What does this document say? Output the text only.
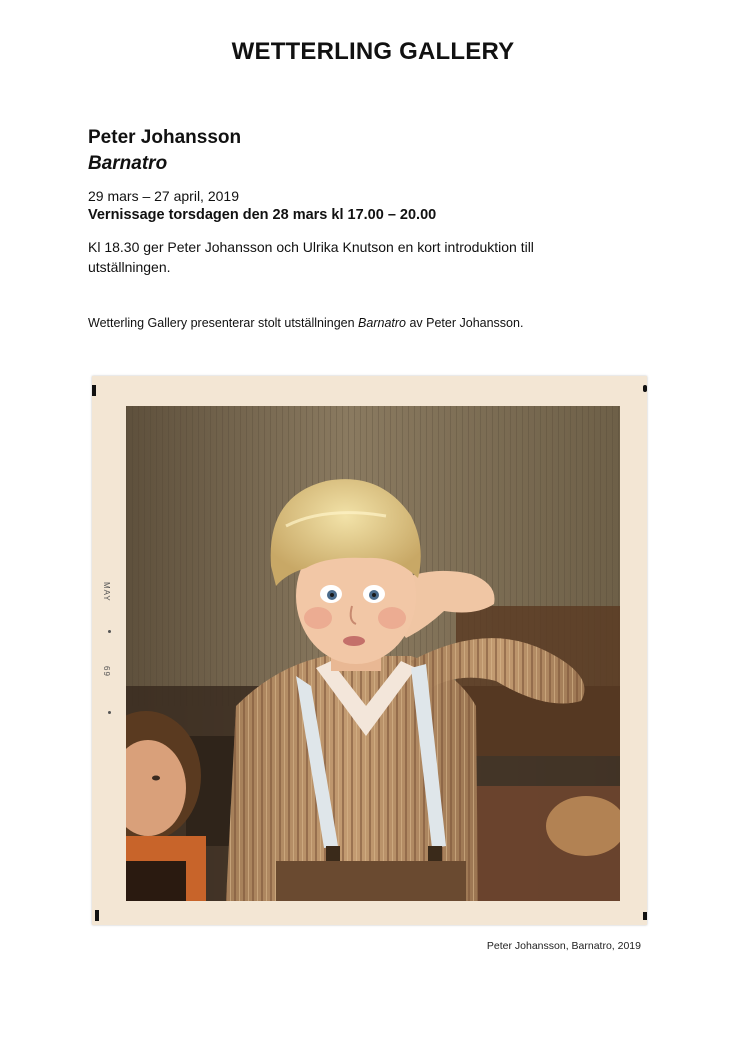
WETTERLING GALLERY
Peter Johansson
Barnatro
29 mars – 27 april, 2019
Vernissage torsdagen den 28 mars kl 17.00 – 20.00
Kl 18.30 ger Peter Johansson och Ulrika Knutson en kort introduktion till utställningen.
Wetterling Gallery presenterar stolt utställningen Barnatro av Peter Johansson.
MAY
69
Peter Johansson, Barnatro, 2019
